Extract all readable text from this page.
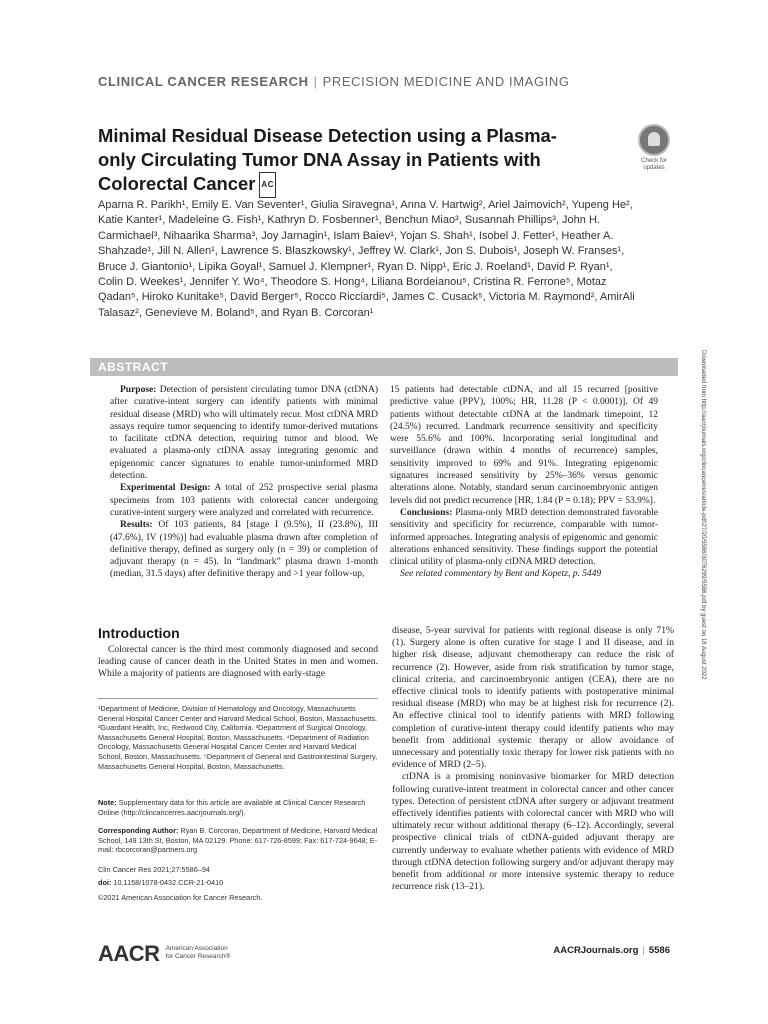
CLINICAL CANCER RESEARCH | PRECISION MEDICINE AND IMAGING
Minimal Residual Disease Detection using a Plasma-only Circulating Tumor DNA Assay in Patients with Colorectal Cancer AC
Check for updates
Aparna R. Parikh¹, Emily E. Van Seventer¹, Giulia Siravegna¹, Anna V. Hartwig², Ariel Jaimovich², Yupeng He², Katie Kanter¹, Madeleine G. Fish¹, Kathryn D. Fosbenner¹, Benchun Miao³, Susannah Phillips³, John H. Carmichael³, Nihaarika Sharma³, Joy Jarnagin¹, Islam Baiev¹, Yojan S. Shah¹, Isobel J. Fetter¹, Heather A. Shahzade¹, Jill N. Allen¹, Lawrence S. Blaszkowsky¹, Jeffrey W. Clark¹, Jon S. Dubois¹, Joseph W. Franses¹, Bruce J. Giantonio¹, Lipika Goyal¹, Samuel J. Klempner¹, Ryan D. Nipp¹, Eric J. Roeland¹, David P. Ryan¹, Colin D. Weekes¹, Jennifer Y. Wo⁴, Theodore S. Hong⁴, Liliana Bordeianou⁵, Cristina R. Ferrone⁵, Motaz Qadan⁵, Hiroko Kunitake⁵, David Berger⁵, Rocco Ricciardi⁵, James C. Cusack⁵, Victoria M. Raymond², AmirAli Talasaz², Genevieve M. Boland⁵, and Ryan B. Corcoran¹
Downloaded from http://aacrjournals.org/clincancerres/article-pdf/27/20/5586/3076299/5586.pdf by guest on 18 August 2022
ABSTRACT

Purpose: Detection of persistent circulating tumor DNA (ctDNA) after curative-intent surgery can identify patients with minimal residual disease (MRD) who will ultimately recur. Most ctDNA MRD assays require tumor sequencing to identify tumor-derived mutations to facilitate ctDNA detection, requiring tumor and blood. We evaluated a plasma-only ctDNA assay integrating genomic and epigenomic cancer signatures to enable tumor-uninformed MRD detection.

Experimental Design: A total of 252 prospective serial plasma specimens from 103 patients with colorectal cancer undergoing curative-intent surgery were analyzed and correlated with recurrence.

Results: Of 103 patients, 84 [stage I (9.5%), II (23.8%), III (47.6%), IV (19%)] had evaluable plasma drawn after completion of definitive therapy, defined as surgery only (n = 39) or completion of adjuvant therapy (n = 45). In “landmark” plasma drawn 1-month (median, 31.5 days) after definitive therapy and >1 year follow-up,

15 patients had detectable ctDNA, and all 15 recurred [positive predictive value (PPV), 100%; HR, 11.28 (P < 0.0001)]. Of 49 patients without detectable ctDNA at the landmark timepoint, 12 (24.5%) recurred. Landmark recurrence sensitivity and specificity were 55.6% and 100%. Incorporating serial longitudinal and surveillance (drawn within 4 months of recurrence) samples, sensitivity improved to 69% and 91%. Integrating epigenomic signatures increased sensitivity by 25%–36% versus genomic alterations alone. Notably, standard serum carcinoembryonic antigen levels did not predict recurrence [HR, 1.84 (P = 0.18); PPV = 53.9%].

Conclusions: Plasma-only MRD detection demonstrated favorable sensitivity and specificity for recurrence, comparable with tumor-informed approaches. Integrating analysis of epigenomic and genomic alterations enhanced sensitivity. These findings support the potential clinical utility of plasma-only ctDNA MRD detection.

See related commentary by Bent and Kopetz, p. 5449

Introduction

Colorectal cancer is the third most commonly diagnosed and second leading cause of cancer death in the United States in men and women. While a majority of patients are diagnosed with early-stage

¹Department of Medicine, Division of Hematology and Oncology, Massachusetts General Hospital Cancer Center and Harvard Medical School, Boston, Massachusetts. ²Guardant Health, Inc, Redwood City, California. ³Department of Surgical Oncology, Massachusetts General Hospital, Boston, Massachusetts. ⁴Department of Radiation Oncology, Massachusetts General Hospital Cancer Center and Harvard Medical School, Boston, Massachusetts. ⁵Department of General and Gastrointestinal Surgery, Massachusetts General Hospital, Boston, Massachusetts.
Note: Supplementary data for this article are available at Clinical Cancer Research Online (http://clincancerres.aacrjournals.org/).
Corresponding Author: Ryan B. Corcoran, Department of Medicine, Harvard Medical School, 149 13th St, Boston, MA 02129. Phone: 617-726-8599; Fax: 617-724-9648; E-mail: rbcorcoran@partners.org
Clin Cancer Res 2021;27:5586–94
doi: 10.1158/1078-0432.CCR-21-0410
©2021 American Association for Cancer Research.

disease, 5-year survival for patients with regional disease is only 71% (1). Surgery alone is often curative for stage I and II disease, and in higher risk disease, adjuvant chemotherapy can reduce the risk of recurrence (2). However, aside from risk stratification by tumor stage, clinical criteria, and carcinoembryonic antigen (CEA), there are no effective clinical tools to identify patients with postoperative minimal residual disease (MRD) who may be at highest risk for recurrence (2). An effective clinical tool to identify patients with MRD following completion of curative-intent therapy could identify patients who may benefit from additional systemic therapy or allow avoidance of unnecessary and potentially toxic therapy for lower risk patients with no evidence of MRD (2–5).

ctDNA is a promising noninvasive biomarker for MRD detection following curative-intent treatment in colorectal cancer and other cancer types. Detection of persistent ctDNA after surgery or adjuvant treatment effectively identifies patients with colorectal cancer with MRD who will ultimately recur without additional therapy (6–12). Accordingly, several prospective clinical trials of ctDNA-guided adjuvant therapy are currently underway to evaluate whether patients with evidence of MRD through ctDNA detection following surgery and/or adjuvant therapy may benefit from additional or more intensive systemic therapy to reduce recurrence risk (13–21).

AACR American Association
for Cancer Research®
AACRJournals.org | 5586
